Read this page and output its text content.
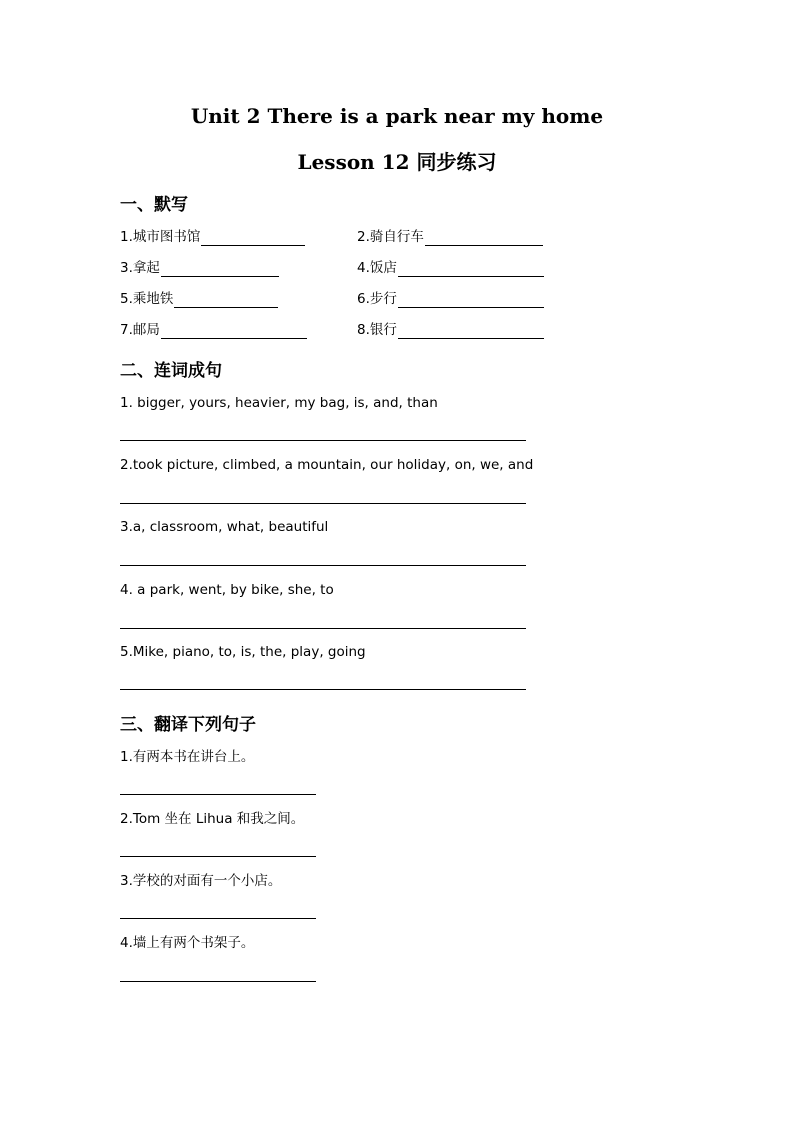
Unit 2 There is a park near my home
Lesson 12 同步练习
一、默写
1.城市图书馆	2.骑自行车
3.拿起	4.饭店
5.乘地铁	6.步行
7.邮局	8.银行
二、连词成句
1. bigger, yours, heavier, my bag, is, and, than
2.took picture, climbed, a mountain, our holiday, on, we, and
3.a, classroom, what, beautiful
4. a park, went, by bike, she, to
5.Mike, piano, to, is, the, play, going
三、翻译下列句子
1.有两本书在讲台上。
2.Tom 坐在 Lihua 和我之间。
3.学校的对面有一个小店。
4.墙上有两个书架子。
